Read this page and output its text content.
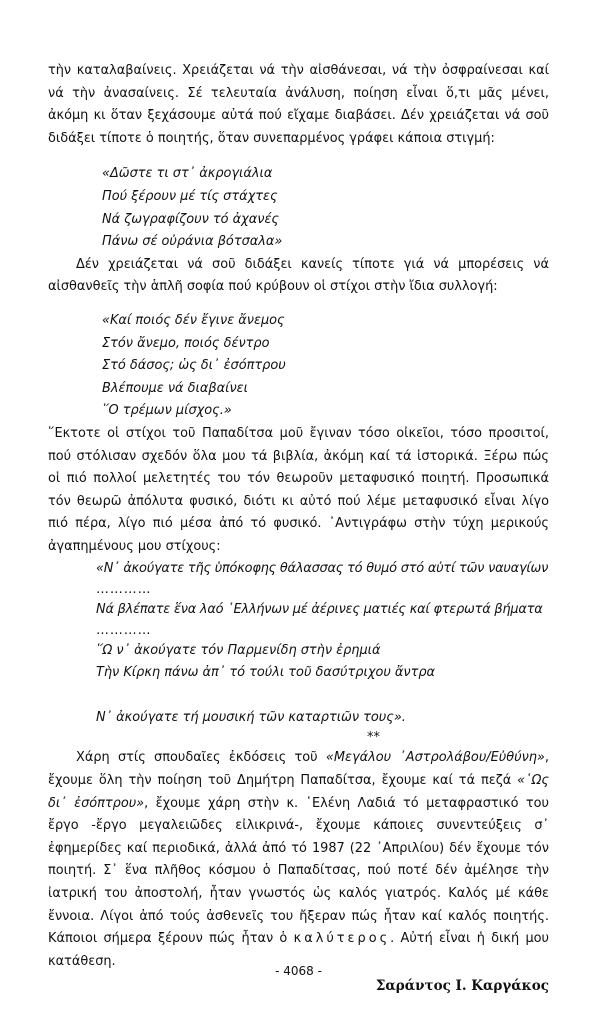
τὴν καταλαβαίνεις. Χρειάζεται νά τὴν αἰσθάνεσαι, νά τὴν ὀσφραίνεσαι καί νά τὴν ἀνασαίνεις. Σέ τελευταία ἀνάλυση, ποίηση εἶναι ὅ,τι μᾶς μένει, ἀκόμη κι ὅταν ξεχάσουμε αὐτά πού εἴχαμε διαβάσει. Δέν χρειάζεται νά σοῦ διδάξει τίποτε ὁ ποιητής, ὅταν συνεπαρμένος γράφει κάποια στιγμή:

«Δῶστε τι στ᾽ ἀκρογιάλια
Πού ξέρουν μέ τίς στάχτες
Νά ζωγραφίζουν τό ἀχανές
Πάνω σέ οὐράνια βότσαλα»

Δέν χρειάζεται νά σοῦ διδάξει κανείς τίποτε γιά νά μπορέσεις νά αἰσθανθεῖς τὴν ἁπλῆ σοφία πού κρύβουν οἱ στίχοι στὴν ἴδια συλλογή:

«Καί ποιός δέν ἔγινε ἄνεμος
Στόν ἄνεμο, ποιός δέντρο
Στό δάσος; ὡς δι᾽ ἐσόπτρου
Βλέπουμε νά διαβαίνει
῞Ο τρέμων μίσχος.»

῞Εκτοτε οἱ στίχοι τοῦ Παπαδίτσα μοῦ ἔγιναν τόσο οἰκεῖοι, τόσο προσιτοί, πού στόλισαν σχεδόν ὅλα μου τά βιβλία, ἀκόμη καί τά ἱστορικά. Ξέρω πώς οἱ πιό πολλοί μελετητές του τόν θεωροῦν μεταφυσικό ποιητή. Προσωπικά τόν θεωρῶ ἀπόλυτα φυσικό, διότι κι αὐτό πού λέμε μεταφυσικό εἶναι λίγο πιό πέρα, λίγο πιό μέσα ἀπό τό φυσικό. ᾽Αντιγράφω στὴν τύχη μερικούς ἀγαπημένους μου στίχους:

«Ν᾽ ἀκούγατε τῆς ὑπόκοφης θάλασσας τό θυμό στό αὐτί τῶν ναυαγίων
…………
Νά βλέπατε ἕνα λαό ῾Ελλήνων μέ ἀέρινες ματιές καί φτερωτά βήματα
…………
῞Ω ν᾽ ἀκούγατε τόν Παρμενίδη στὴν ἐρημιά
Τὴν Κίρκη πάνω ἀπ᾽ τό τούλι τοῦ δασύτριχου ἄντρα
Ν᾽ ἀκούγατε τή μουσική τῶν καταρτιῶν τους».
**

Χάρη στίς σπουδαῖες ἐκδόσεις τοῦ «Μεγάλου ᾽Αστρολάβου/Εὐθύνη», ἔχουμε ὅλη τὴν ποίηση τοῦ Δημήτρη Παπαδίτσα, ἔχουμε καί τά πεζά «῾Ως δι᾽ ἐσόπτρου», ἔχουμε χάρη στὴν κ. ῾Ελένη Λαδιά τό μεταφραστικό του ἔργο -ἔργο μεγαλειῶδες εἰλικρινά-, ἔχουμε κάποιες συνεντεύξεις σ᾽ ἐφημερίδες καί περιοδικά, ἀλλά ἀπό τό 1987 (22 ᾽Απριλίου) δέν ἔχουμε τόν ποιητή. Σ᾽ ἕνα πλῆθος κόσμου ὁ Παπαδίτσας, πού ποτέ δέν ἀμέλησε τὴν ἰατρική του ἀποστολή, ἦταν γνωστός ὡς καλός γιατρός. Καλός μέ κάθε ἔννοια. Λίγοι ἀπό τούς ἀσθενεῖς του ἤξεραν πώς ἦταν καί καλός ποιητής. Κάποιοι σήμερα ξέρουν πώς ἦταν ὁ καλύτερος. Αὐτή εἶναι ἡ δική μου κατάθεση.

Σαράντος Ι. Καργάκος
- 4068 -
